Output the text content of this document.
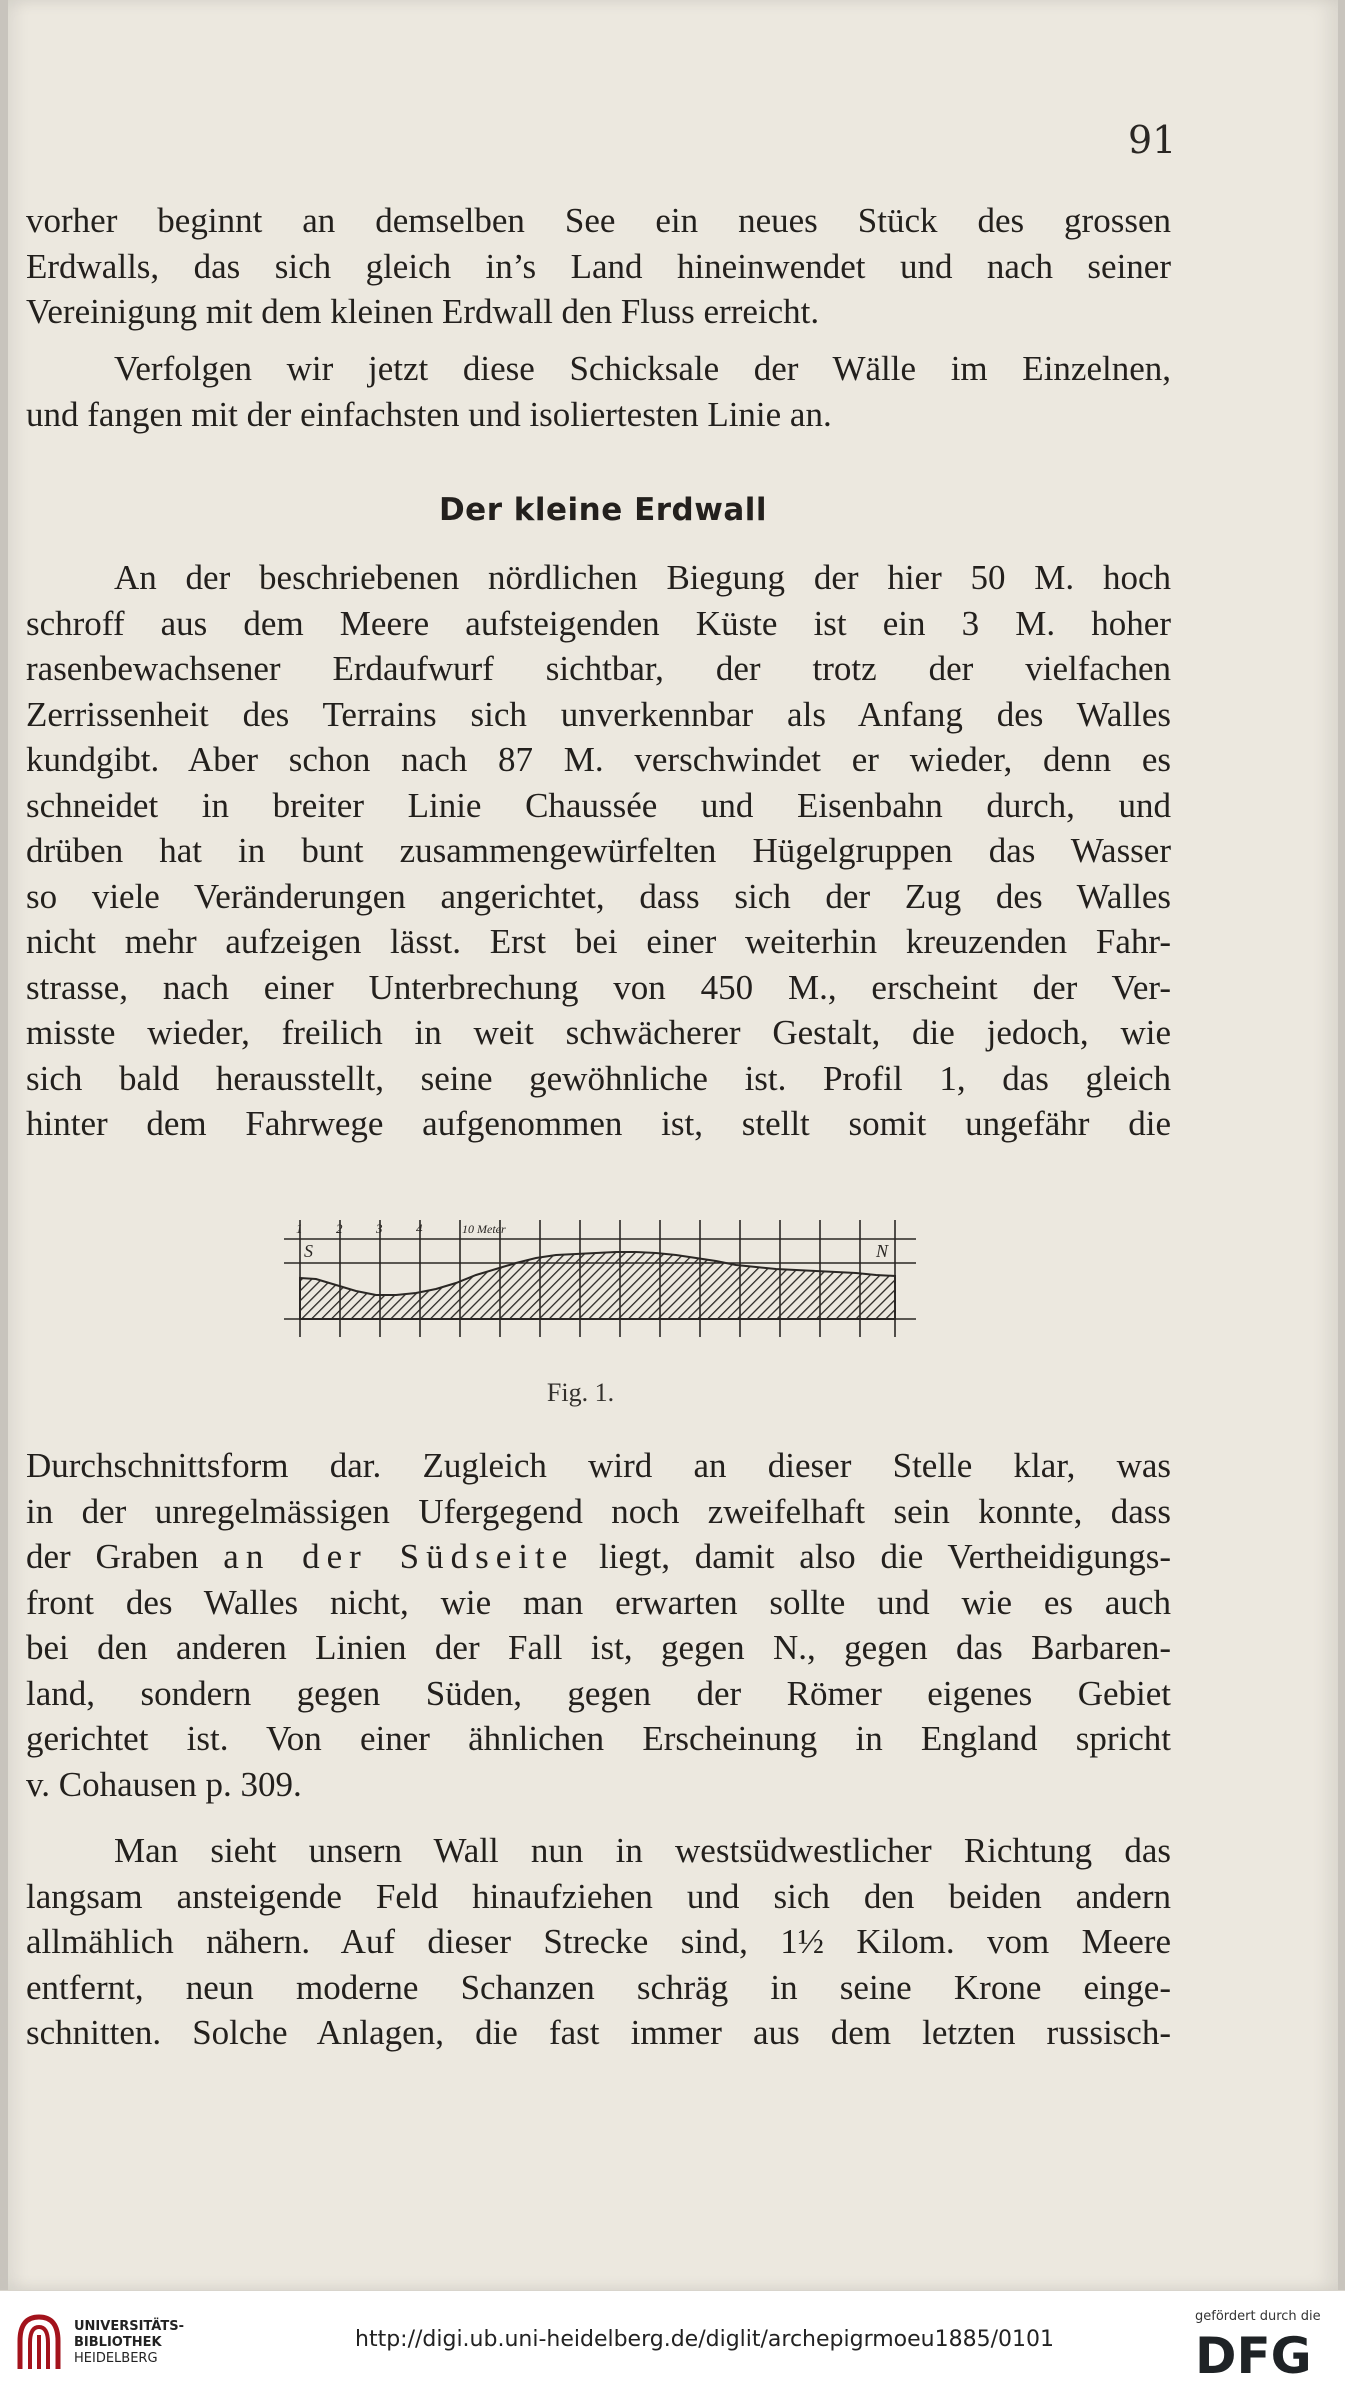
91

vorher beginnt an demselben See ein neues Stück des grossen

Erdwalls, das sich gleich in’s Land hineinwendet und nach seiner

Vereinigung mit dem kleinen Erdwall den Fluss erreicht.

Verfolgen wir jetzt diese Schicksale der Wälle im Einzelnen,

und fangen mit der einfachsten und isoliertesten Linie an.

Der kleine Erdwall

An der beschriebenen nördlichen Biegung der hier 50 M. hoch

schroff aus dem Meere aufsteigenden Küste ist ein 3 M. hoher

rasenbewachsener Erdaufwurf sichtbar, der trotz der vielfachen

Zerrissenheit des Terrains sich unverkennbar als Anfang des Walles

kundgibt. Aber schon nach 87 M. verschwindet er wieder, denn es

schneidet in breiter Linie Chaussée und Eisenbahn durch, und

drüben hat in bunt zusammengewürfelten Hügelgruppen das Wasser

so viele Veränderungen angerichtet, dass sich der Zug des Walles

nicht mehr aufzeigen lässt. Erst bei einer weiterhin kreuzenden Fahr-

strasse, nach einer Unterbrechung von 450 M., erscheint der Ver-

misste wieder, freilich in weit schwächerer Gestalt, die jedoch, wie

sich bald herausstellt, seine gewöhnliche ist. Profil 1, das gleich

hinter dem Fahrwege aufgenommen ist, stellt somit ungefähr die

1	2	3	4	10 Meter
S	N
Fig. 1.

Durchschnittsform dar. Zugleich wird an dieser Stelle klar, was

in der unregelmässigen Ufergegend noch zweifelhaft sein konnte, dass

der Graben an der Südseite liegt, damit also die Vertheidigungs-

front des Walles nicht, wie man erwarten sollte und wie es auch

bei den anderen Linien der Fall ist, gegen N., gegen das Barbaren-

land, sondern gegen Süden, gegen der Römer eigenes Gebiet

gerichtet ist. Von einer ähnlichen Erscheinung in England spricht

v. Cohausen p. 309.

Man sieht unsern Wall nun in westsüdwestlicher Richtung das

langsam ansteigende Feld hinaufziehen und sich den beiden andern

allmählich nähern. Auf dieser Strecke sind, 1½ Kilom. vom Meere

entfernt, neun moderne Schanzen schräg in seine Krone einge-

schnitten. Solche Anlagen, die fast immer aus dem letzten russisch-

UNIVERSITÄTS-
BIBLIOTHEK
HEIDELBERG
http://digi.ub.uni-heidelberg.de/diglit/archepigrmoeu1885/0101
gefördert durch die
DFG
